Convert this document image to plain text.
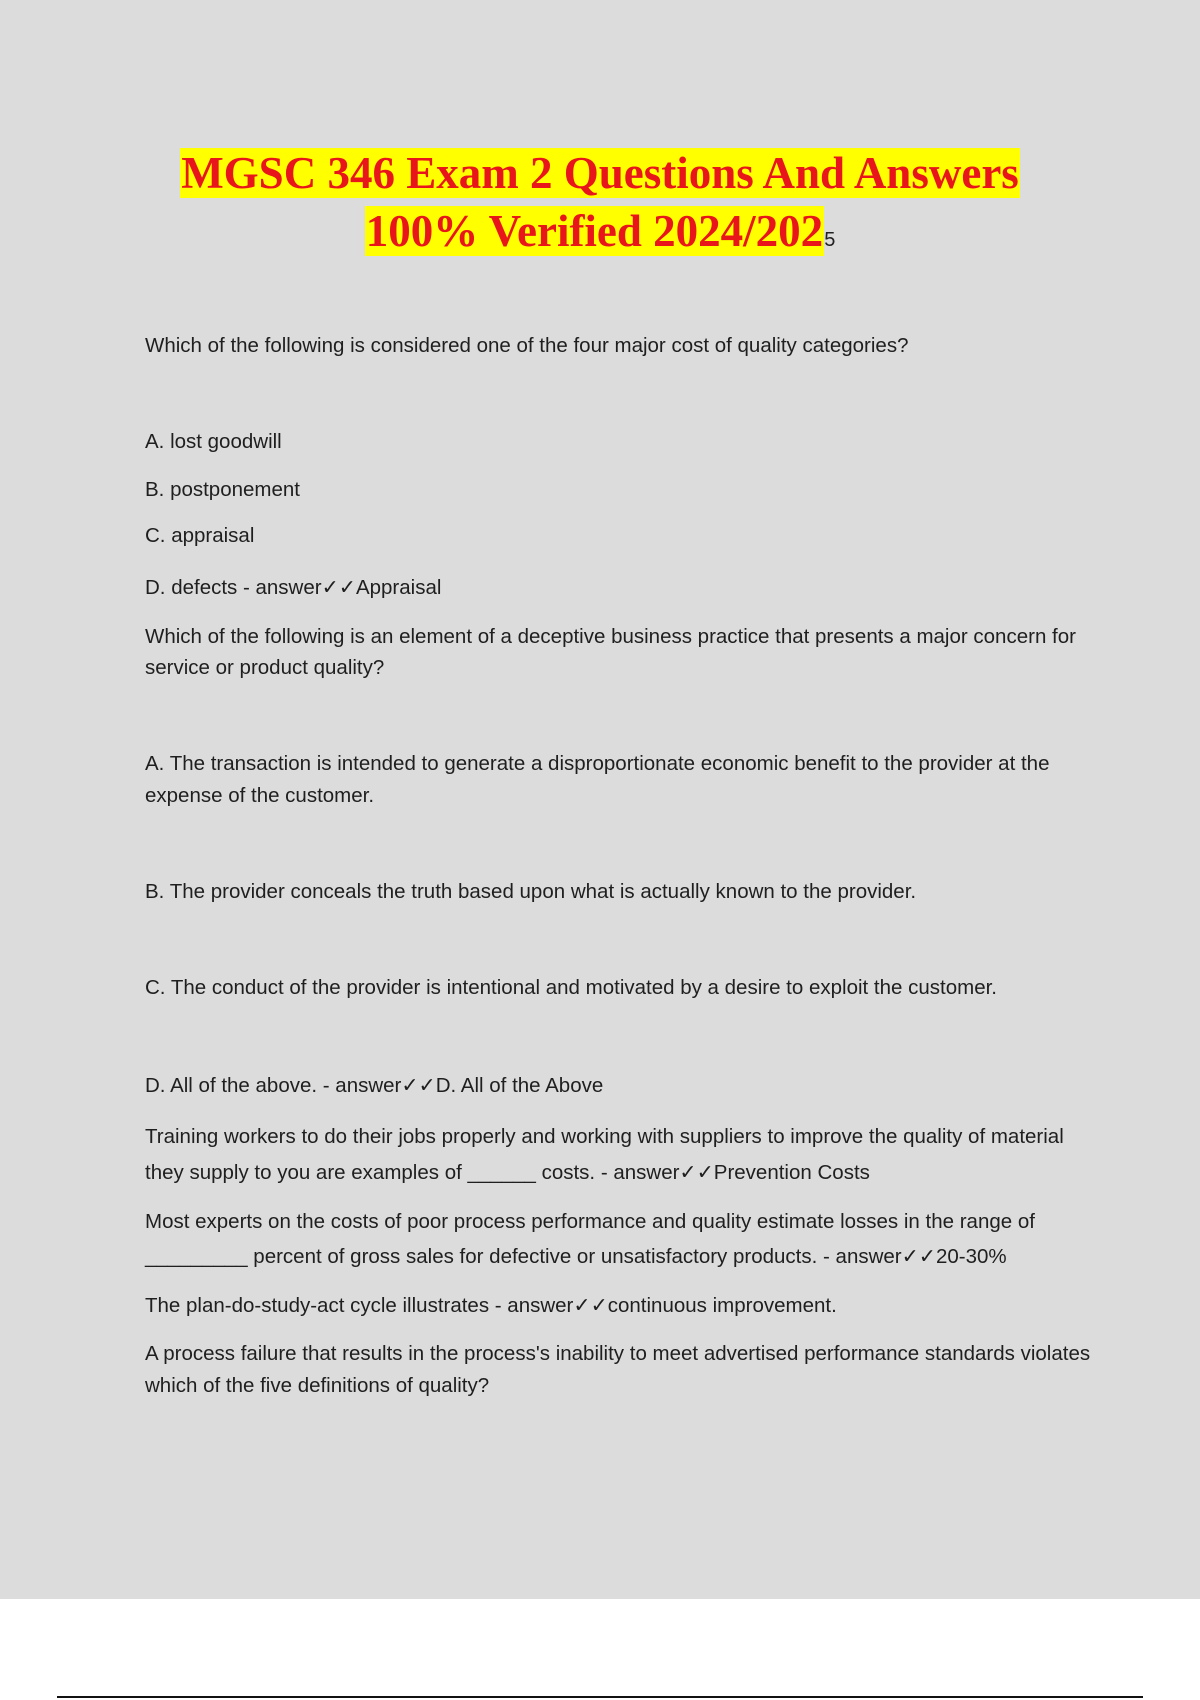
MGSC 346 Exam 2 Questions And Answers
100% Verified 2024/2025

Which of the following is considered one of the four major cost of quality categories?

A. lost goodwill

B. postponement

C. appraisal

D. defects - answer✓✓Appraisal

Which of the following is an element of a deceptive business practice that presents a major concern for service or product quality?

A. The transaction is intended to generate a disproportionate economic benefit to the provider at the expense of the customer.

B. The provider conceals the truth based upon what is actually known to the provider.

C. The conduct of the provider is intentional and motivated by a desire to exploit the customer.

D. All of the above. - answer✓✓D. All of the Above

Training workers to do their jobs properly and working with suppliers to improve the quality of material they supply to you are examples of ______ costs. - answer✓✓Prevention Costs

Most experts on the costs of poor process performance and quality estimate losses in the range of _________ percent of gross sales for defective or unsatisfactory products. - answer✓✓20-30%

The plan-do-study-act cycle illustrates - answer✓✓continuous improvement.

A process failure that results in the process's inability to meet advertised performance standards violates which of the five definitions of quality?
